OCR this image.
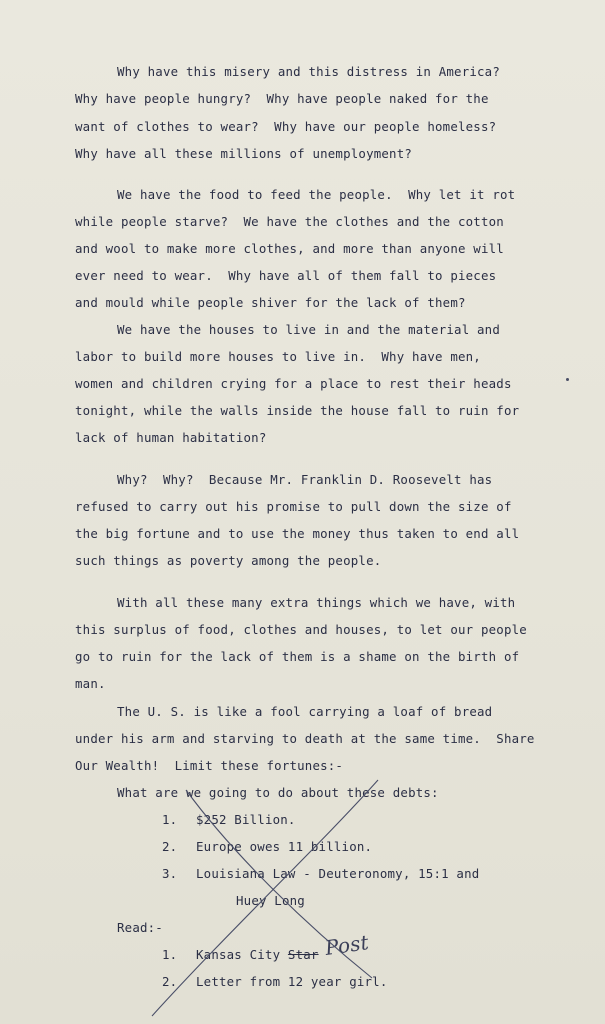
Why have this misery and this distress in America?
Why have people hungry?  Why have people naked for the
want of clothes to wear?  Why have our people homeless?
Why have all these millions of unemployment?
We have the food to feed the people.  Why let it rot
while people starve?  We have the clothes and the cotton
and wool to make more clothes, and more than anyone will
ever need to wear.  Why have all of them fall to pieces
and mould while people shiver for the lack of them?
We have the houses to live in and the material and
labor to build more houses to live in.  Why have men,
women and children crying for a place to rest their heads
tonight, while the walls inside the house fall to ruin for
lack of human habitation?
Why?  Why?  Because Mr. Franklin D. Roosevelt has
refused to carry out his promise to pull down the size of
the big fortune and to use the money thus taken to end all
such things as poverty among the people.
With all these many extra things which we have, with
this surplus of food, clothes and houses, to let our people
go to ruin for the lack of them is a shame on the birth of
man.
The U. S. is like a fool carrying a loaf of bread
under his arm and starving to death at the same time.  Share
Our Wealth!  Limit these fortunes:-
What are we going to do about these debts:
1. $252 Billion.
2. Europe owes 11 billion.
3. Louisiana Law - Deuteronomy, 15:1 and
Huey Long
Read:-
1. Kansas City Star Post
2. Letter from 12 year girl.
